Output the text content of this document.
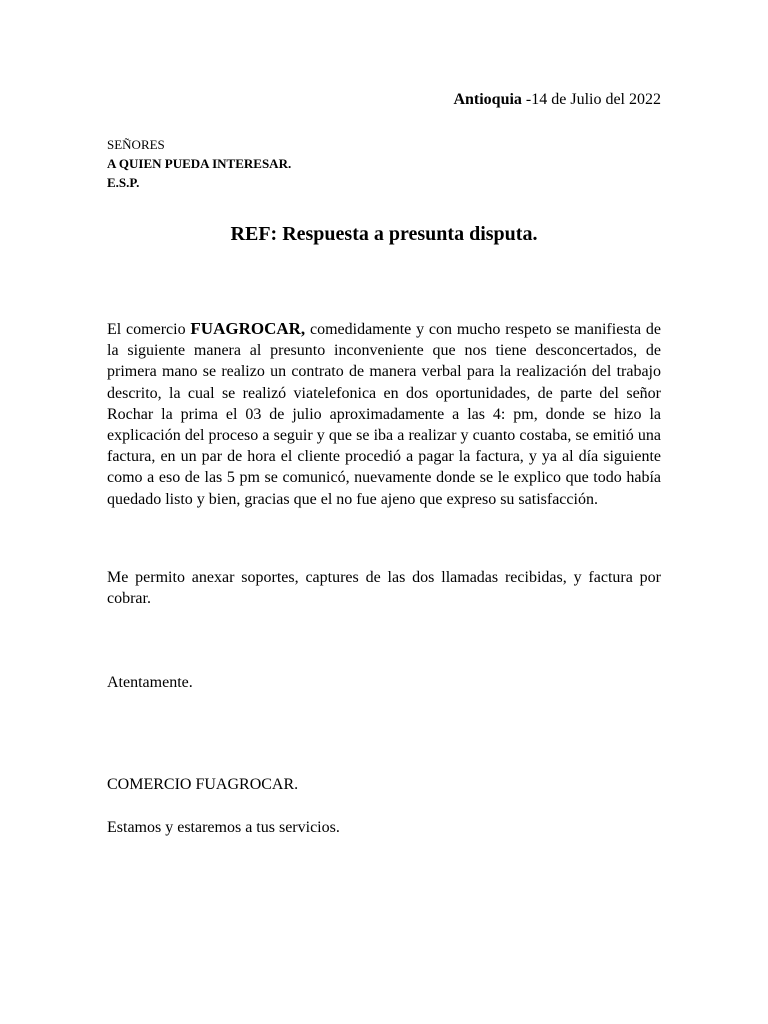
Antioquia -14 de Julio del 2022
SEÑORES
A QUIEN PUEDA INTERESAR.
E.S.P.
REF: Respuesta a presunta disputa.
El comercio FUAGROCAR, comedidamente y con mucho respeto se manifiesta de la siguiente manera al presunto inconveniente que nos tiene desconcertados, de primera mano se realizo un contrato de manera verbal para la realización del trabajo descrito, la cual se realizó viatelefonica en dos oportunidades, de parte del señor Rochar la prima el 03 de julio aproximadamente a las 4: pm, donde se hizo la explicación del proceso a seguir y que se iba a realizar y cuanto costaba, se emitió una factura, en un par de hora el cliente procedió a pagar la factura, y ya al día siguiente como a eso de las 5 pm se comunicó, nuevamente donde se le explico que todo había quedado listo y bien, gracias que el no fue ajeno que expreso su satisfacción.
Me permito anexar soportes, captures de las dos llamadas recibidas, y factura por cobrar.
Atentamente.
COMERCIO FUAGROCAR.
Estamos y estaremos a tus servicios.
